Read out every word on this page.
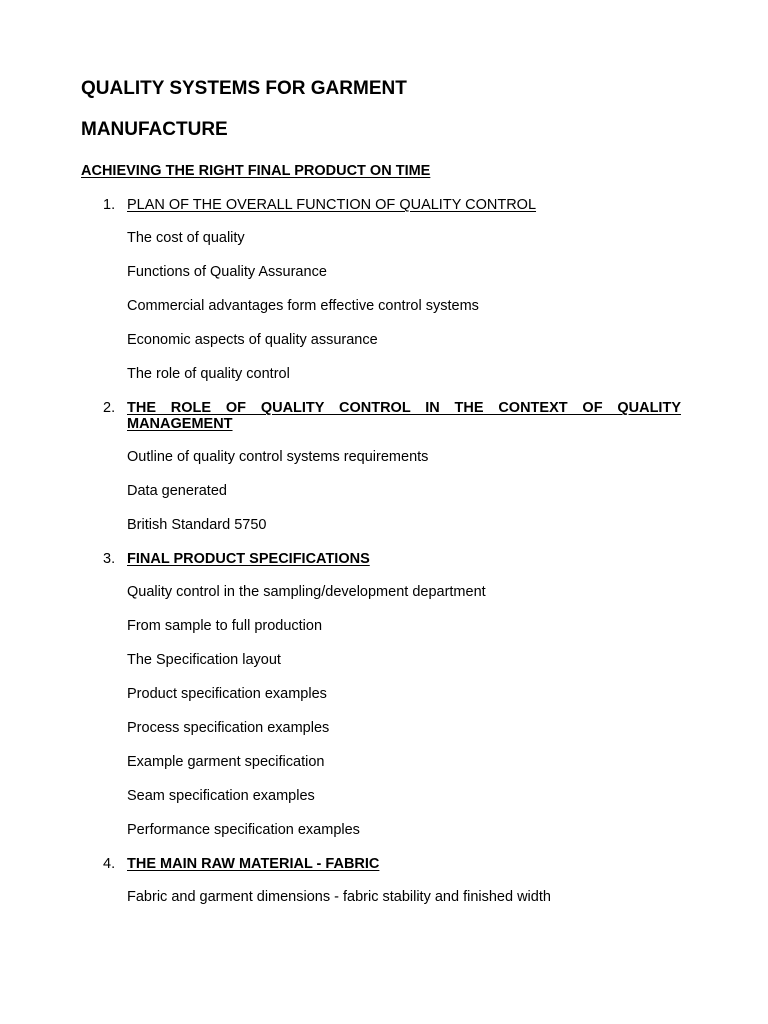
QUALITY SYSTEMS FOR GARMENT
MANUFACTURE
ACHIEVING THE RIGHT FINAL PRODUCT ON TIME
1. PLAN OF THE OVERALL FUNCTION OF QUALITY CONTROL
The cost of quality
Functions of Quality Assurance
Commercial advantages form effective control systems
Economic aspects of quality assurance
The role of quality control
2. THE ROLE OF QUALITY CONTROL IN THE CONTEXT OF QUALITY MANAGEMENT
Outline of quality control systems requirements
Data generated
British Standard 5750
3. FINAL PRODUCT SPECIFICATIONS
Quality control in the sampling/development department
From sample to full production
The Specification layout
Product specification examples
Process specification examples
Example garment specification
Seam specification examples
Performance specification examples
4. THE MAIN RAW MATERIAL - FABRIC
Fabric and garment dimensions - fabric stability and finished width
